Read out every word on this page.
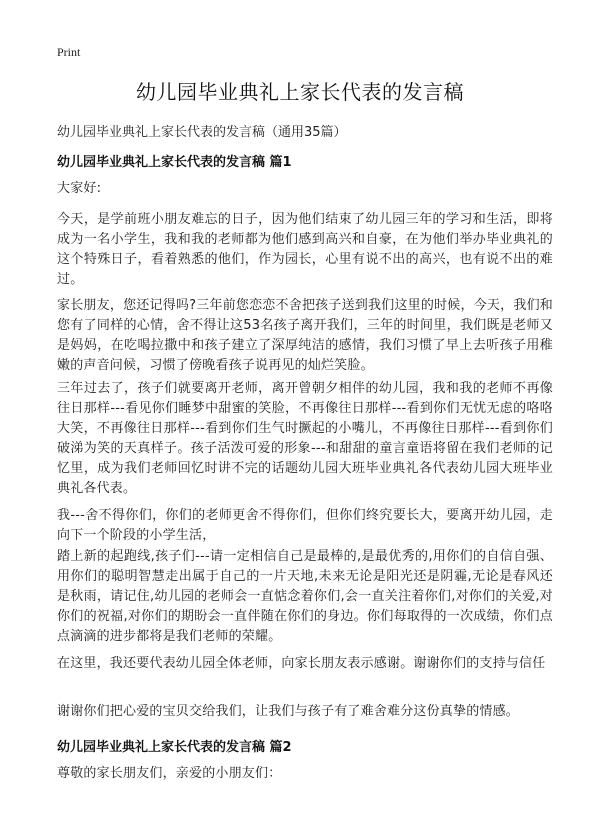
Print
幼儿园毕业典礼上家长代表的发言稿
幼儿园毕业典礼上家长代表的发言稿（通用35篇）
幼儿园毕业典礼上家长代表的发言稿 篇1
大家好:
今天，是学前班小朋友难忘的日子，因为他们结束了幼儿园三年的学习和生活，即将成为一名小学生，我和我的老师都为他们感到高兴和自豪，在为他们举办毕业典礼的这个特殊日子，看着熟悉的他们，作为园长，心里有说不出的高兴，也有说不出的难过。
家长朋友，您还记得吗?三年前您恋恋不舍把孩子送到我们这里的时候，今天，我们和您有了同样的心情，舍不得让这53名孩子离开我们，三年的时间里，我们既是老师又是妈妈，在吃喝拉撒中和孩子建立了深厚纯洁的感情，我们习惯了早上去听孩子用稚嫩的声音问候，习惯了傍晚看孩子说再见的灿烂笑脸。
三年过去了，孩子们就要离开老师，离开曾朝夕相伴的幼儿园，我和我的老师不再像往日那样---看见你们睡梦中甜蜜的笑脸，不再像往日那样---看到你们无忧无虑的咯咯大笑，不再像往日那样---看到你们生气时撅起的小嘴儿，不再像往日那样---看到你们破涕为笑的天真样子。孩子活泼可爱的形象---和甜甜的童言童语将留在我们老师的记忆里，成为我们老师回忆时讲不完的话题幼儿园大班毕业典礼各代表幼儿园大班毕业典礼各代表。
我---舍不得你们，你们的老师更舍不得你们，但你们终究要长大，要离开幼儿园，走向下一个阶段的小学生活，
踏上新的起跑线,孩子们---请一定相信自己是最棒的,是最优秀的,用你们的自信自强、用你们的聪明智慧走出属于自己的一片天地,未来无论是阳光还是阴霾,无论是春风还是秋雨，请记住,幼儿园的老师会一直惦念着你们,会一直关注着你们,对你们的关爱,对你们的祝福,对你们的期盼会一直伴随在你们的身边。你们每取得的一次成绩，你们点点滴滴的进步都将是我们老师的荣耀。
在这里，我还要代表幼儿园全体老师，向家长朋友表示感谢。谢谢你们的支持与信任
谢谢你们把心爱的宝贝交给我们，让我们与孩子有了难舍难分这份真挚的情感。
幼儿园毕业典礼上家长代表的发言稿 篇2
尊敬的家长朋友们，亲爱的小朋友们：
